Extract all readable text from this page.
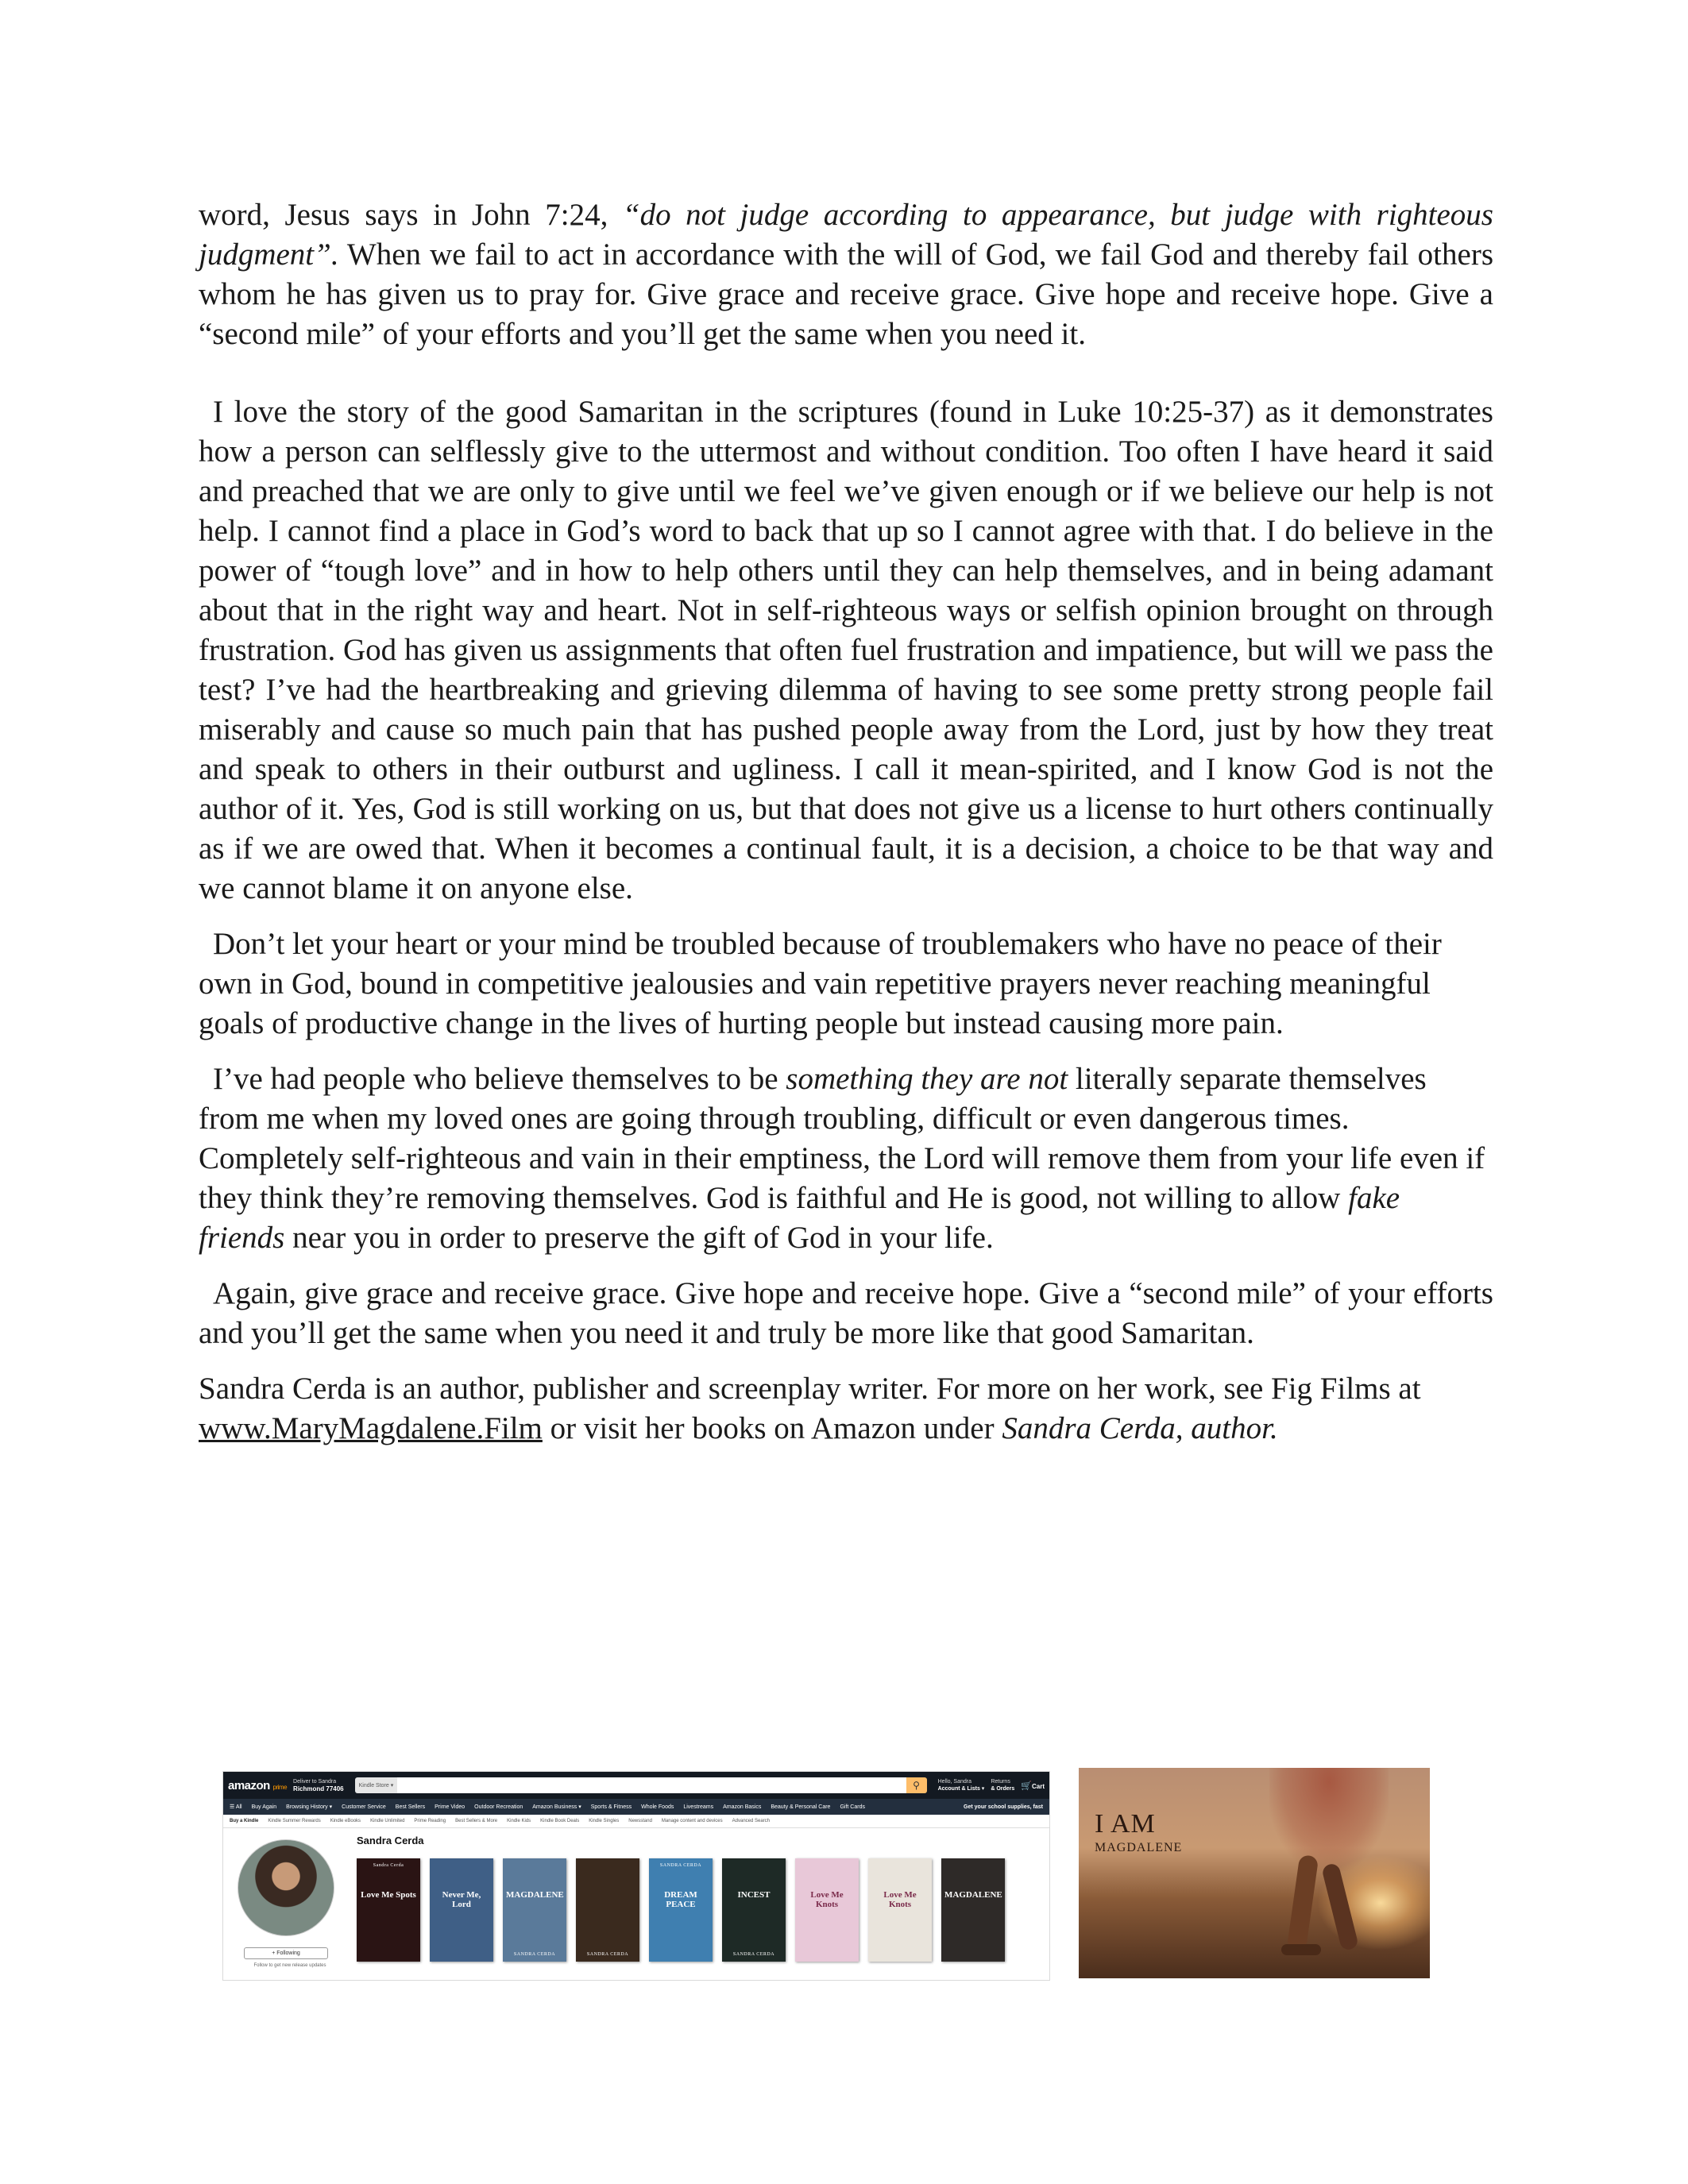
word, Jesus says in John 7:24, “do not judge according to appearance, but judge with righteous judgment”. When we fail to act in accordance with the will of God, we fail God and thereby fail others whom he has given us to pray for. Give grace and receive grace. Give hope and receive hope. Give a “second mile” of your efforts and you’ll get the same when you need it.

I love the story of the good Samaritan in the scriptures (found in Luke 10:25-37) as it demonstrates how a person can selflessly give to the uttermost and without condition. Too often I have heard it said and preached that we are only to give until we feel we’ve given enough or if we believe our help is not help. I cannot find a place in God’s word to back that up so I cannot agree with that. I do believe in the power of “tough love” and in how to help others until they can help themselves, and in being adamant about that in the right way and heart. Not in self-righteous ways or selfish opinion brought on through frustration. God has given us assignments that often fuel frustration and impatience, but will we pass the test? I’ve had the heartbreaking and grieving dilemma of having to see some pretty strong people fail miserably and cause so much pain that has pushed people away from the Lord, just by how they treat and speak to others in their outburst and ugliness. I call it mean-spirited, and I know God is not the author of it. Yes, God is still working on us, but that does not give us a license to hurt others continually as if we are owed that. When it becomes a continual fault, it is a decision, a choice to be that way and we cannot blame it on anyone else.

Don’t let your heart or your mind be troubled because of troublemakers who have no peace of their own in God, bound in competitive jealousies and vain repetitive prayers never reaching meaningful goals of productive change in the lives of hurting people but instead causing more pain.

I’ve had people who believe themselves to be something they are not literally separate themselves from me when my loved ones are going through troubling, difficult or even dangerous times. Completely self-righteous and vain in their emptiness, the Lord will remove them from your life even if they think they’re removing themselves. God is faithful and He is good, not willing to allow fake friends near you in order to preserve the gift of God in your life.

Again, give grace and receive grace. Give hope and receive hope. Give a “second mile” of your efforts and you’ll get the same when you need it and truly be more like that good Samaritan.

Sandra Cerda is an author, publisher and screenplay writer. For more on her work, see Fig Films at www.MaryMagdalene.Film or visit her books on Amazon under Sandra Cerda, author.

amazon prime
Deliver to Sandra
Richmond 77406	Kindle Store ▾	⚲	Hello, Sandra
Account & Lists ▾
Returns
& Orders 🛒Cart
☰ All Buy Again Browsing History ▾ Customer Service Best Sellers Prime Video Outdoor Recreation Amazon Business ▾ Sports & Fitness Whole Foods Livestreams Amazon Basics Beauty & Personal Care Gift Cards	Get your school supplies, fast
Buy a Kindle Kindle Summer Rewards Kindle eBooks Kindle Unlimited Prime Reading Best Sellers & More Kindle Kids Kindle Book Deals Kindle Singles Newsstand Manage content and devices Advanced Search
+ Following
Follow to get new release updates
Sandra Cerda
Sandra Cerda
Love Me Spots	Never Me, Lord
MAGDALENE
SANDRA CERDA	SANDRA CERDA
SANDRA CERDA
DREAM PEACE
INCEST
SANDRA CERDA
Love Me Knots
Love Me Knots
MAGDALENE
I AM
MAGDALENE
